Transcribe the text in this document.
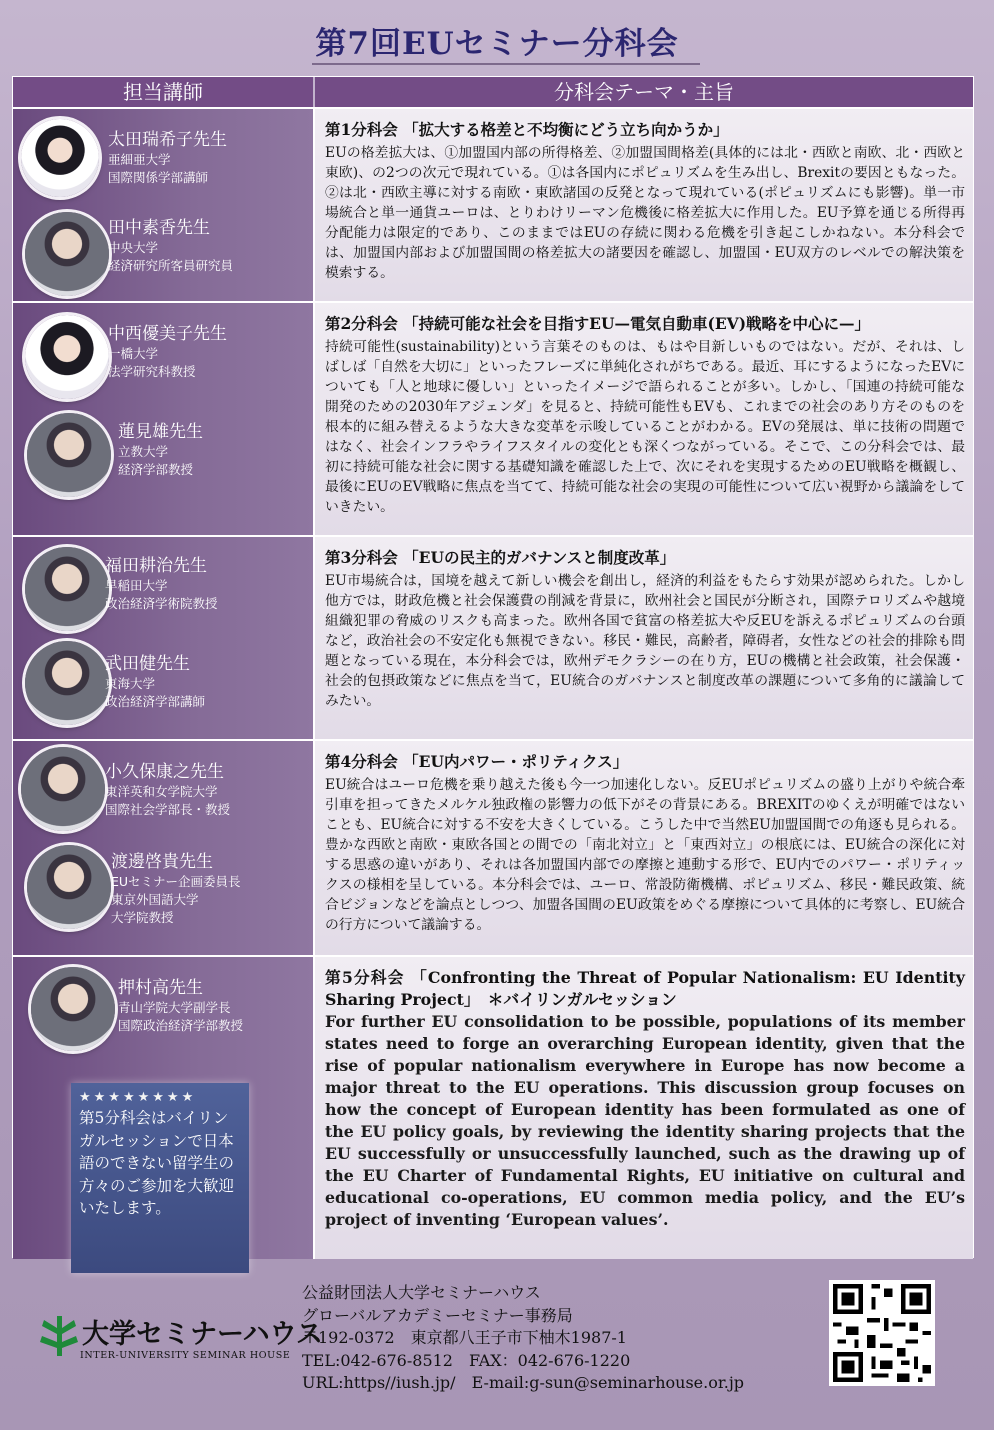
第7回EUセミナー分科会
担当講師	分科会テーマ・主旨
太田瑞希子先生
亜細亜大学
国際関係学部講師
田中素香先生
中央大学
経済研究所客員研究員
第1分科会 「拡大する格差と不均衡にどう立ち向かうか」
EUの格差拡大は、①加盟国内部の所得格差、②加盟国間格差(具体的には北・西欧と南欧、北・西欧と東欧)、の2つの次元で現れている。①は各国内にポピュリズムを生み出し、Brexitの要因ともなった。②は北・西欧主導に対する南欧・東欧諸国の反発となって現れている(ポピュリズムにも影響)。単一市場統合と単一通貨ユーロは、とりわけリーマン危機後に格差拡大に作用した。EU予算を通じる所得再分配能力は限定的であり、このままではEUの存続に関わる危機を引き起こしかねない。本分科会では、加盟国内部および加盟国間の格差拡大の諸要因を確認し、加盟国・EU双方のレベルでの解決策を模索する。
中西優美子先生
一橋大学
法学研究科教授
蓮見雄先生
立教大学
経済学部教授
第2分科会 「持続可能な社会を目指すEU—電気自動車(EV)戦略を中心に—」
持続可能性(sustainability)という言葉そのものは、もはや目新しいものではない。だが、それは、しばしば「自然を大切に」といったフレーズに単純化されがちである。最近、耳にするようになったEVについても「人と地球に優しい」といったイメージで語られることが多い。しかし、「国連の持続可能な開発のための2030年アジェンダ」を見ると、持続可能性もEVも、これまでの社会のあり方そのものを根本的に組み替えるような大きな変革を示唆していることがわかる。EVの発展は、単に技術の問題ではなく、社会インフラやライフスタイルの変化とも深くつながっている。そこで、この分科会では、最初に持続可能な社会に関する基礎知識を確認した上で、次にそれを実現するためのEU戦略を概観し、最後にEUのEV戦略に焦点を当てて、持続可能な社会の実現の可能性について広い視野から議論をしていきたい。
福田耕治先生
早稲田大学
政治経済学術院教授
武田健先生
東海大学
政治経済学部講師
第3分科会 「EUの民主的ガバナンスと制度改革」
EU市場統合は，国境を越えて新しい機会を創出し，経済的利益をもたらす効果が認められた。しかし他方では，財政危機と社会保護費の削減を背景に，欧州社会と国民が分断され，国際テロリズムや越境組織犯罪の脅威のリスクも高まった。欧州各国で貧富の格差拡大や反EUを訴えるポピュリズムの台頭など，政治社会の不安定化も無視できない。移民・難民，高齢者，障碍者，女性などの社会的排除も問題となっている現在，本分科会では，欧州デモクラシーの在り方，EUの機構と社会政策，社会保護・社会的包摂政策などに焦点を当て，EU統合のガバナンスと制度改革の課題について多角的に議論してみたい。
小久保康之先生
東洋英和女学院大学
国際社会学部長・教授
渡邊啓貴先生
EUセミナー企画委員長
東京外国語大学
大学院教授
第4分科会 「EU内パワー・ポリティクス」
EU統合はユーロ危機を乗り越えた後も今一つ加速化しない。反EUポピュリズムの盛り上がりや統合牽引車を担ってきたメルケル独政権の影響力の低下がその背景にある。BREXITのゆくえが明確ではないことも、EU統合に対する不安を大きくしている。こうした中で当然EU加盟国間での角逐も見られる。豊かな西欧と南欧・東欧各国との間での「南北対立」と「東西対立」の根底には、EU統合の深化に対する思惑の違いがあり、それは各加盟国内部での摩擦と連動する形で、EU内でのパワー・ポリティックスの様相を呈している。本分科会では、ユーロ、常設防衛機構、ポピュリズム、移民・難民政策、統合ビジョンなどを論点としつつ、加盟各国間のEU政策をめぐる摩擦について具体的に考察し、EU統合の行方について議論する。
押村高先生
青山学院大学副学長
国際政治経済学部教授
★★★★★★★★
第5分科会はバイリンガルセッションで日本語のできない留学生の方々のご参加を大歓迎いたします。
第5分科会 「Confronting the Threat of Popular Nationalism: EU Identity Sharing Project」　＊バイリンガルセッション
For further EU consolidation to be possible, populations of its member states need to forge an overarching European identity, given that the rise of popular nationalism everywhere in Europe has now become a major threat to the EU operations. This discussion group focuses on how the concept of European identity has been formulated as one of the EU policy goals, by reviewing the identity sharing projects that the EU successfully or unsuccessfully launched, such as the drawing up of the EU Charter of Fundamental Rights, EU initiative on cultural and educational co-operations, EU common media policy, and the EU’s project of inventing ‘European values’.
大学セミナーハウス
INTER-UNIVERSITY SEMINAR HOUSE
公益財団法人大学セミナーハウス
グローバルアカデミーセミナー事務局
〒192-0372　東京都八王子市下柚木1987-1
TEL:042-676-8512　FAX：042-676-1220
URL:https//iush.jp/　E-mail:g-sun@seminarhouse.or.jp
